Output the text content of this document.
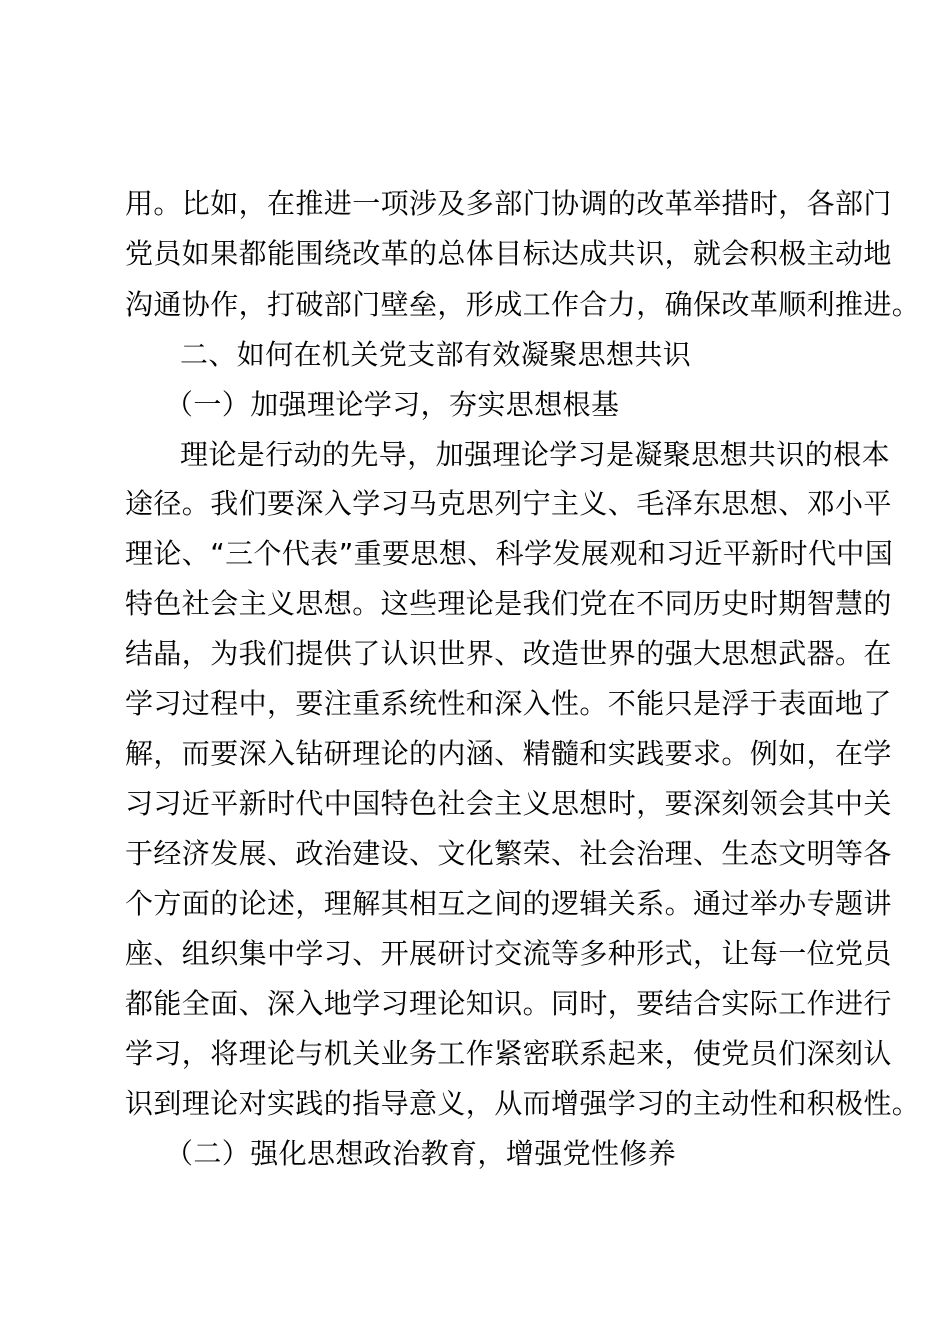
用。比如，在推进一项涉及多部门协调的改革举措时，各部门
党员如果都能围绕改革的总体目标达成共识，就会积极主动地
沟通协作，打破部门壁垒，形成工作合力，确保改革顺利推进。
二、如何在机关党支部有效凝聚思想共识
（一）加强理论学习，夯实思想根基
理论是行动的先导，加强理论学习是凝聚思想共识的根本
途径。我们要深入学习马克思列宁主义、毛泽东思想、邓小平
理论、“三个代表”重要思想、科学发展观和习近平新时代中国
特色社会主义思想。这些理论是我们党在不同历史时期智慧的
结晶，为我们提供了认识世界、改造世界的强大思想武器。在
学习过程中，要注重系统性和深入性。不能只是浮于表面地了
解，而要深入钻研理论的内涵、精髓和实践要求。例如，在学
习习近平新时代中国特色社会主义思想时，要深刻领会其中关
于经济发展、政治建设、文化繁荣、社会治理、生态文明等各
个方面的论述，理解其相互之间的逻辑关系。通过举办专题讲
座、组织集中学习、开展研讨交流等多种形式，让每一位党员
都能全面、深入地学习理论知识。同时，要结合实际工作进行
学习，将理论与机关业务工作紧密联系起来，使党员们深刻认
识到理论对实践的指导意义，从而增强学习的主动性和积极性。
（二）强化思想政治教育，增强党性修养
